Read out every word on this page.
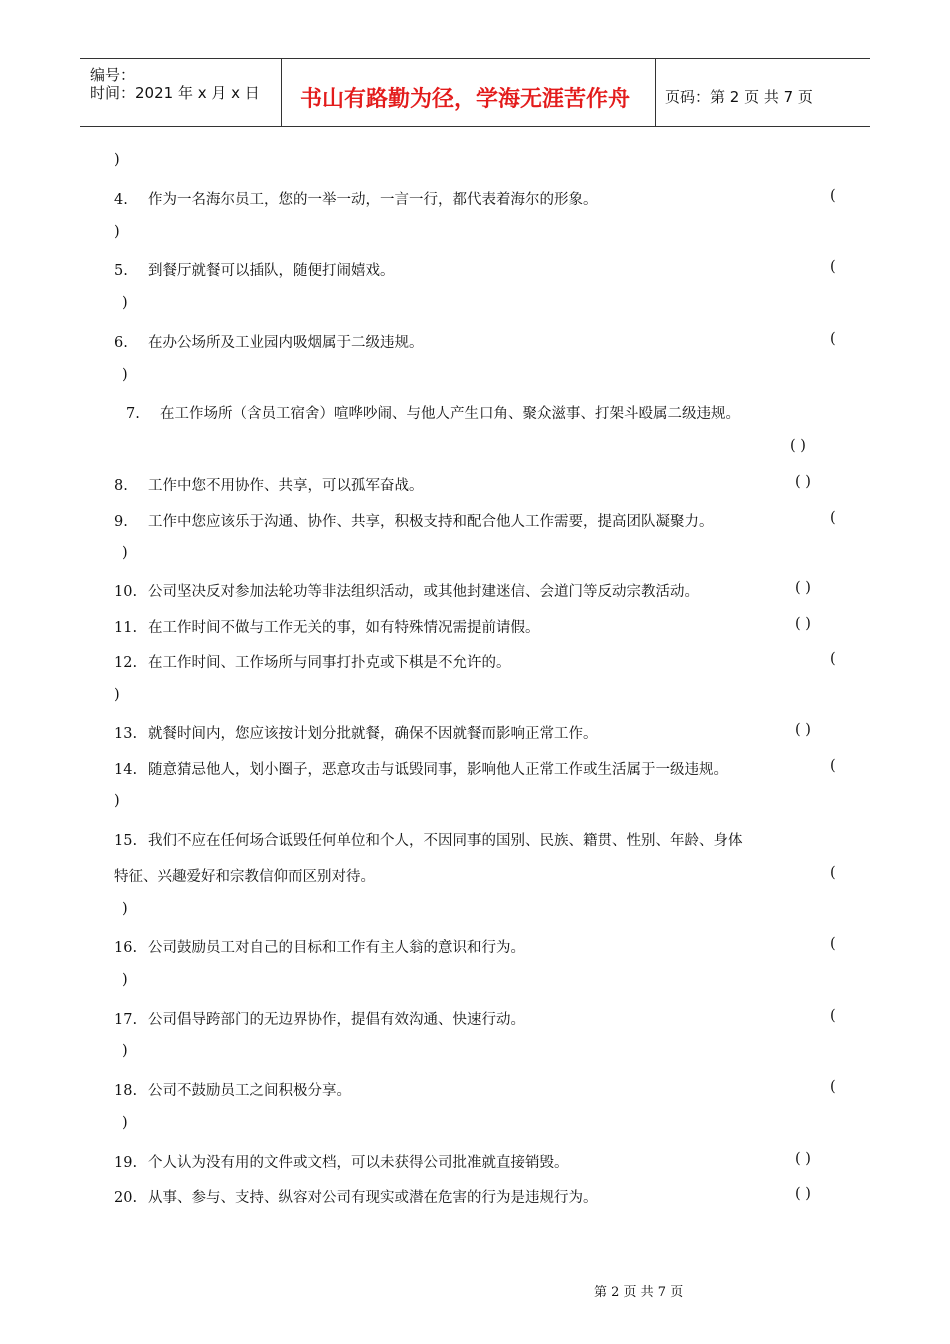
编号：
时间：2021 年 x 月 x 日 书山有路勤为径，学海无涯苦作舟 页码：第 2 页 共 7 页
)
4. 作为一名海尔员工，您的一举一动，一言一行，都代表着海尔的形象。	(
)
5. 到餐厅就餐可以插队，随便打闹嬉戏。	(
)
6. 在办公场所及工业园内吸烟属于二级违规。	(
)
7. 在工作场所（含员工宿舍）喧哗吵闹、与他人产生口角、聚众滋事、打架斗殴属二级违规。
( )
8. 工作中您不用协作、共享，可以孤军奋战。	( )
9. 工作中您应该乐于沟通、协作、共享，积极支持和配合他人工作需要，提高团队凝聚力。	(
)
10. 公司坚决反对参加法轮功等非法组织活动，或其他封建迷信、会道门等反动宗教活动。	( )
11. 在工作时间不做与工作无关的事，如有特殊情况需提前请假。	( )
12. 在工作时间、工作场所与同事打扑克或下棋是不允许的。	(
)
13. 就餐时间内，您应该按计划分批就餐，确保不因就餐而影响正常工作。	( )
14. 随意猜忌他人，划小圈子，恶意攻击与诋毁同事，影响他人正常工作或生活属于一级违规。	(
)
15. 我们不应在任何场合诋毁任何单位和个人，不因同事的国别、民族、籍贯、性别、年龄、身体
特征、兴趣爱好和宗教信仰而区别对待。	(
)
16. 公司鼓励员工对自己的目标和工作有主人翁的意识和行为。	(
)
17. 公司倡导跨部门的无边界协作，提倡有效沟通、快速行动。	(
)
18. 公司不鼓励员工之间积极分享。	(
)
19. 个人认为没有用的文件或文档，可以未获得公司批准就直接销毁。	( )
20. 从事、参与、支持、纵容对公司有现实或潜在危害的行为是违规行为。	( )
第 2 页 共 7 页
